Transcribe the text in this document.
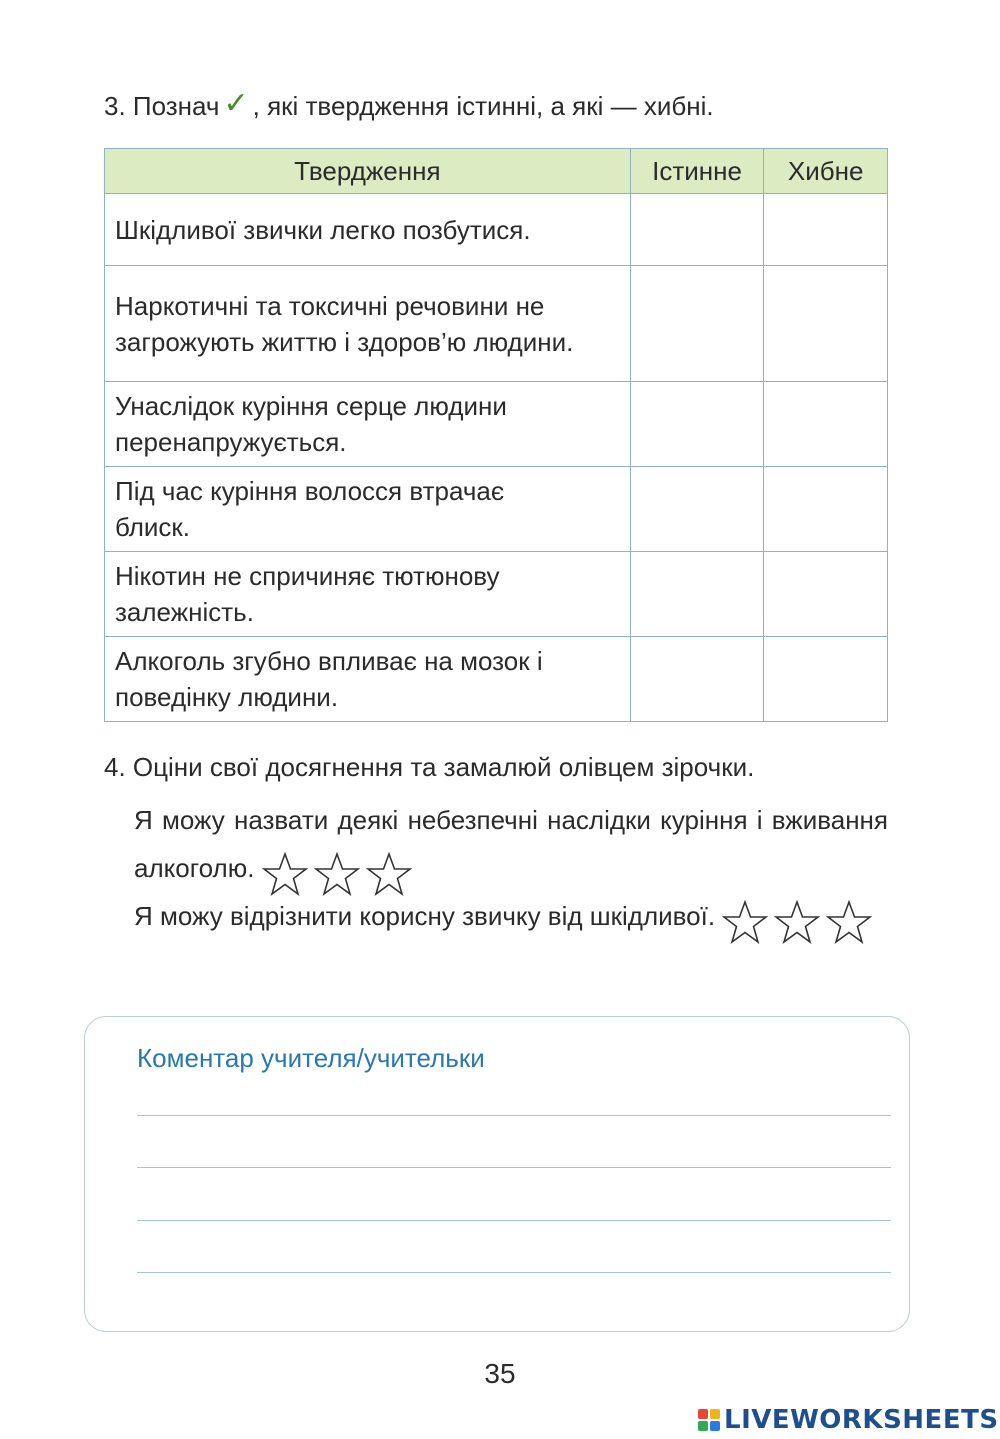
3. Познач ✓ , які твердження істинні, а які — хибні.
Твердження	Істинне	Хибне
Шкідливої звички легко позбутися.		

Наркотичні та токсичні речовини не загрожують життю і здоров’ю людини.		

Унаслідок куріння серце людини перенапружується.		

Під час куріння волосся втрачає блиск.		

Нікотин не спричиняє тютюнову залежність.		

Алкоголь згубно впливає на мозок і поведінку людини.		

4. Оціни свої досягнення та замалюй олівцем зірочки.
Я можу назвати деякі небезпечні наслідки куріння і вживання алкоголю.
Я можу відрізнити корисну звичку від шкідливої.
Коментар учителя/учительки
35
LIVEWORKSHEETS
